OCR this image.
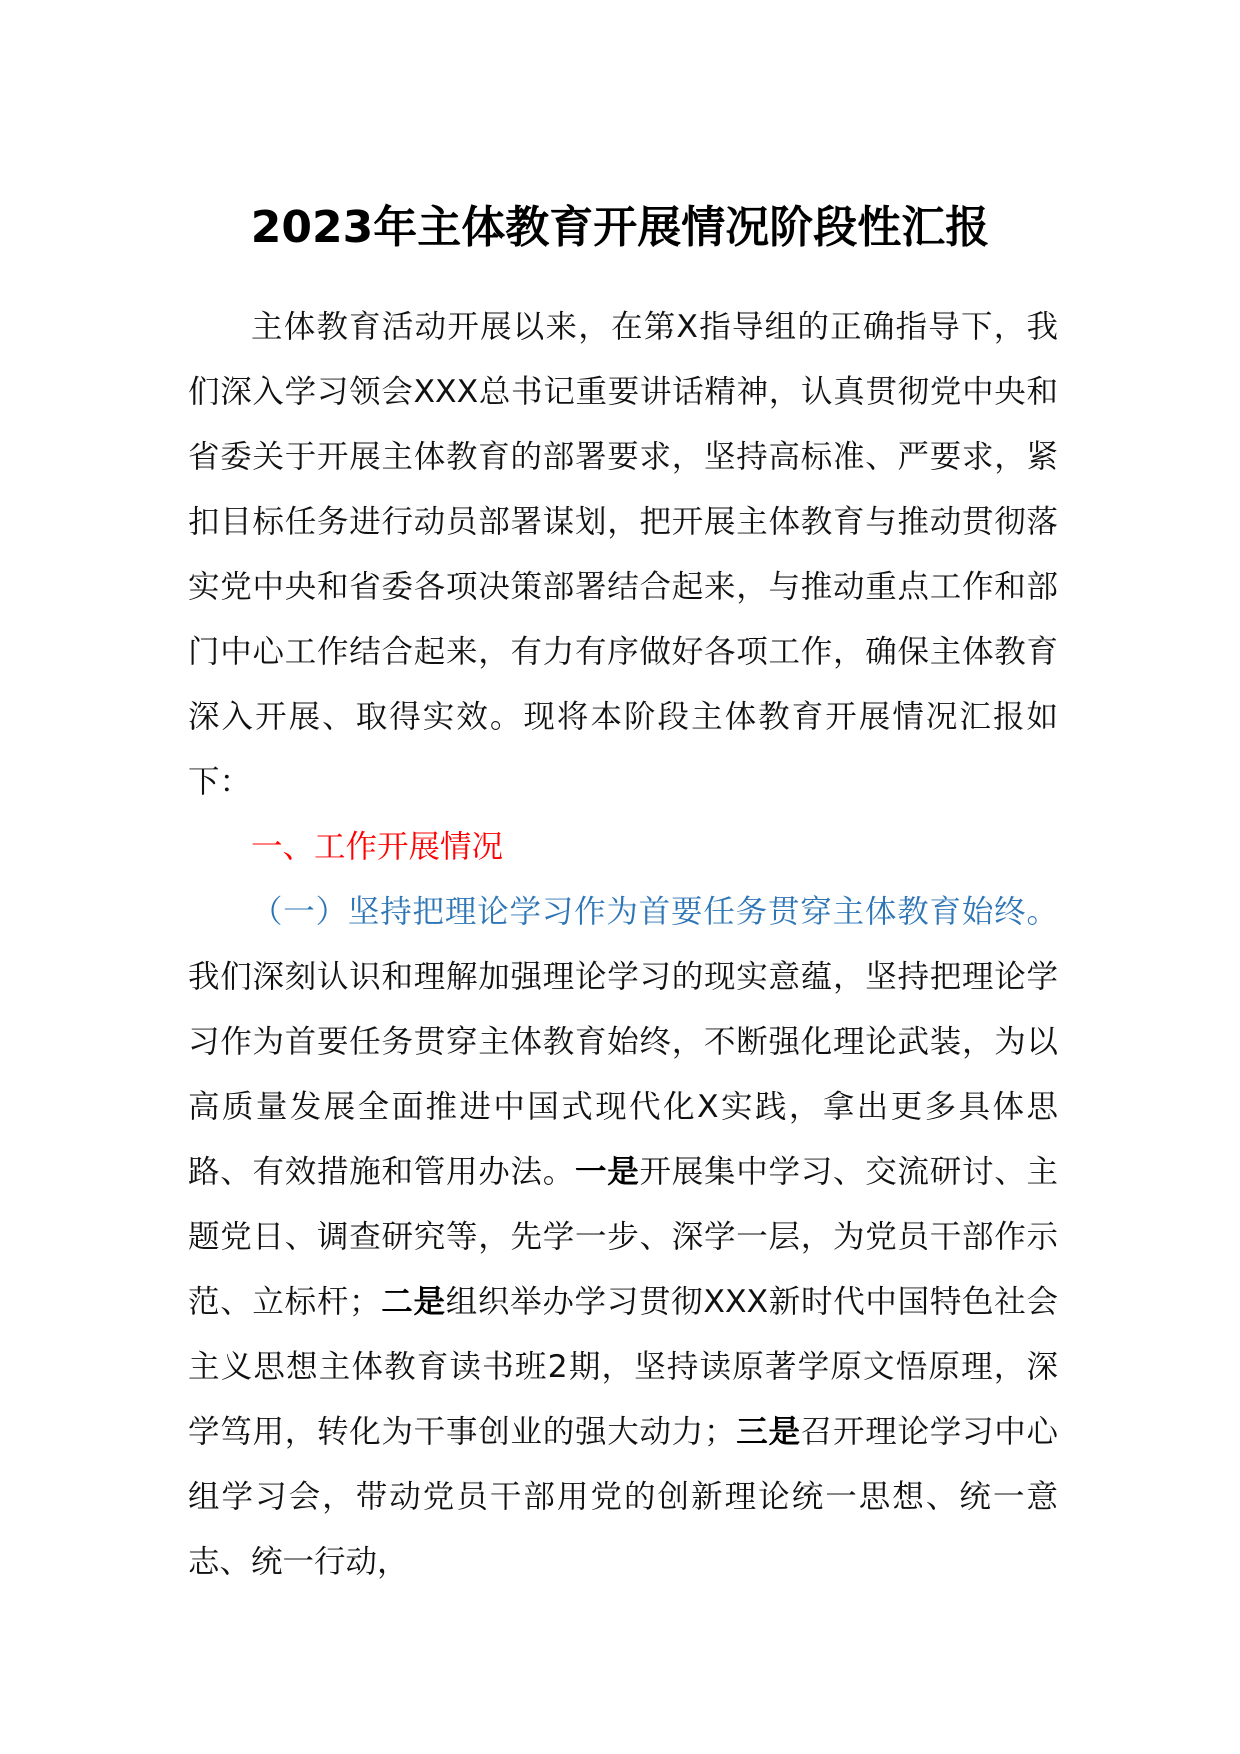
2023年主体教育开展情况阶段性汇报

主体教育活动开展以来，在第X指导组的正确指导下，我们深入学习领会XXX总书记重要讲话精神，认真贯彻党中央和省委关于开展主体教育的部署要求，坚持高标准、严要求，紧扣目标任务进行动员部署谋划，把开展主体教育与推动贯彻落实党中央和省委各项决策部署结合起来，与推动重点工作和部门中心工作结合起来，有力有序做好各项工作，确保主体教育深入开展、取得实效。现将本阶段主体教育开展情况汇报如下：

一、工作开展情况

（一）坚持把理论学习作为首要任务贯穿主体教育始终。我们深刻认识和理解加强理论学习的现实意蕴，坚持把理论学习作为首要任务贯穿主体教育始终，不断强化理论武装，为以高质量发展全面推进中国式现代化X实践，拿出更多具体思路、有效措施和管用办法。一是开展集中学习、交流研讨、主题党日、调查研究等，先学一步、深学一层，为党员干部作示范、立标杆；二是组织举办学习贯彻XXX新时代中国特色社会主义思想主体教育读书班2期，坚持读原著学原文悟原理，深学笃用，转化为干事创业的强大动力；三是召开理论学习中心组学习会，带动党员干部用党的创新理论统一思想、统一意志、统一行动，
